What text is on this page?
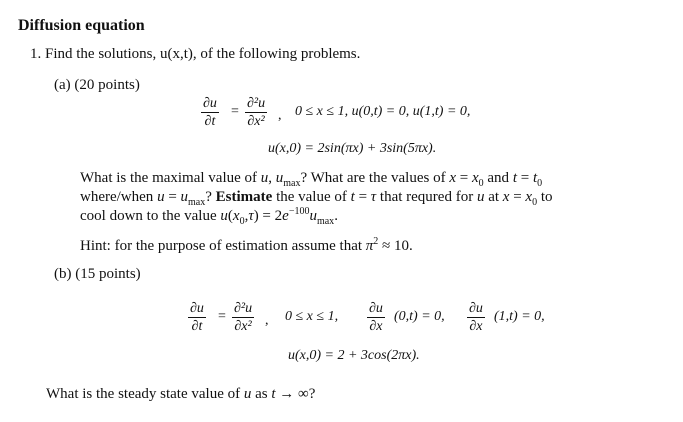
Diffusion equation
1. Find the solutions, u(x,t), of the following problems.
(a) (20 points)
$\frac{\partial u}{\partial t} = \frac{\text{∂²u}}{\text{∂x²}}$ , 0 ≤ x ≤ 1, u(0,t) = 0, u(1,t) = 0,
u(x,0) = 2sin(πx) + 3sin(5πx).
What is the maximal value of u, $u_{max}$? What are the values of $x = x_0$ and $t = t_0$
where/when $u = u_{max}$? Estimate the value of t = τ that requred for u at $x = x_0$ to
cool down to the value $u(x_0,\tau) = 2e^{-100}u_{max}$.
Hint: for the purpose of estimation assume that $\pi^2 \approx 10$.
(b) (15 points)
$\frac{\partial u}{\partial t} = \frac{\text{∂²u}}{\text{∂x²}}$ , 0 ≤ x ≤ 1, $\frac{\partial u}{\partial x} (0,t) = 0$, $\frac{\partial u}{\partial x} (1,t) = 0$,
u(x,0) = 2 + 3cos(2πx).
What is the steady state value of u as t → ∞?
